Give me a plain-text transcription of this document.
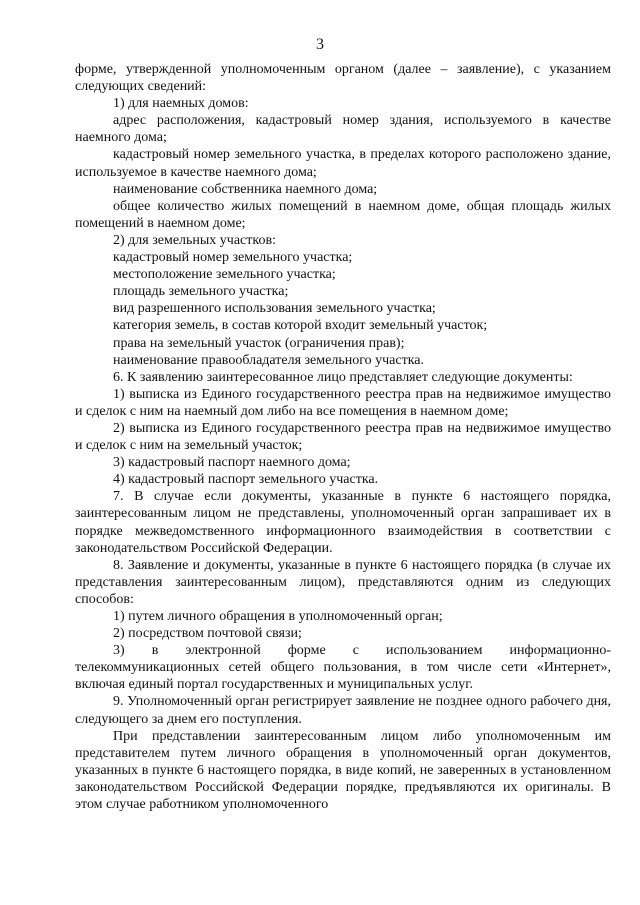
3

форме, утвержденной уполномоченным органом (далее – заявление), с указанием следующих сведений:

1) для наемных домов:

адрес расположения, кадастровый номер здания, используемого в качестве наемного дома;

кадастровый номер земельного участка, в пределах которого расположено здание, используемое в качестве наемного дома;

наименование собственника наемного дома;

общее количество жилых помещений в наемном доме, общая площадь жилых помещений в наемном доме;

2) для земельных участков:

кадастровый номер земельного участка;

местоположение земельного участка;

площадь земельного участка;

вид разрешенного использования земельного участка;

категория земель, в состав которой входит земельный участок;

права на земельный участок (ограничения прав);

наименование правообладателя земельного участка.

6. К заявлению заинтересованное лицо представляет следующие документы:

1) выписка из Единого государственного реестра прав на недвижимое имущество и сделок с ним на наемный дом либо на все помещения в наемном доме;

2) выписка из Единого государственного реестра прав на недвижимое имущество и сделок с ним на земельный участок;

3) кадастровый паспорт наемного дома;

4) кадастровый паспорт земельного участка.

7. В случае если документы, указанные в пункте 6 настоящего порядка, заинтересованным лицом не представлены, уполномоченный орган запрашивает их в порядке межведомственного информационного взаимодействия в соответствии с законодательством Российской Федерации.

8. Заявление и документы, указанные в пункте 6 настоящего порядка (в случае их представления заинтересованным лицом), представляются одним из следующих способов:

1) путем личного обращения в уполномоченный орган;

2) посредством почтовой связи;

3) в электронной форме с использованием информационно-телекоммуникационных сетей общего пользования, в том числе сети «Интернет», включая единый портал государственных и муниципальных услуг.

9. Уполномоченный орган регистрирует заявление не позднее одного рабочего дня, следующего за днем его поступления.

При представлении заинтересованным лицом либо уполномоченным им представителем путем личного обращения в уполномоченный орган документов, указанных в пункте 6 настоящего порядка, в виде копий, не заверенных в установленном законодательством Российской Федерации порядке, предъявляются их оригиналы. В этом случае работником уполномоченного
